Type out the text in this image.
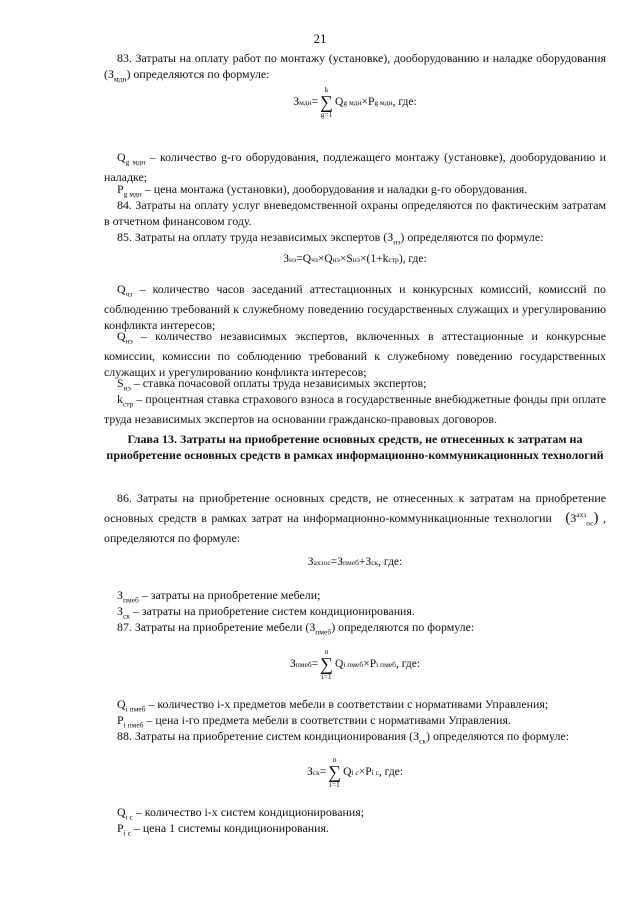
21

83. Затраты на оплату работ по монтажу (установке), дооборудованию и наладке оборудования $(З_{мдн})$ определяются по формуле:

З мдн =
k
∑
g=1
Q g мдн × P g мдн , где:

$Q_{g мдн}$ – количество g-го оборудования, подлежащего монтажу (установке), дооборудованию и наладке;

$P_{g мдн}$ – цена монтажа (установки), дооборудования и наладки g-го оборудования.

84. Затраты на оплату услуг вневедомственной охраны определяются по фактическим затратам в отчетном финансовом году.

85. Затраты на оплату труда независимых экспертов $(З_{нэ})$ определяются по формуле:

З нэ = Q чз × Q нэ × S нэ × (1+k стр ) , где:

$Q_{чз}$ – количество часов заседаний аттестационных и конкурсных комиссий, комиссий по соблюдению требований к служебному поведению государственных служащих и урегулированию конфликта интересов;

$Q_{нэ}$ – количество независимых экспертов, включенных в аттестационные и конкурсные комиссии, комиссии по соблюдению требований к служебному поведению государственных служащих и урегулированию конфликта интересов;

$S_{нэ}$ – ставка почасовой оплаты труда независимых экспертов;

$k_{стр}$ – процентная ставка страхового взноса в государственные внебюджетные фонды при оплате труда независимых экспертов на основании гражданско-правовых договоров.

Глава 13. Затраты на приобретение основных средств, не отнесенных к затратам на приобретение основных средств в рамках информационно-коммуникационных технологий

86. Затраты на приобретение основных средств, не отнесенных к затратам на приобретение основных средств в рамках затрат на информационно-коммуникационные технологии $(З^{ахз}_{ос})$ , определяются по формуле:

З ахз ос = З пмеб + З ск , где:

$З_{пмеб}$ – затраты на приобретение мебели;

$З_{ск}$ – затраты на приобретение систем кондиционирования.

87. Затраты на приобретение мебели $(З_{пмеб})$ определяются по формуле:

З пмеб =
n
∑
i=1
Q i пмеб × P i пмеб , где:

$Q_{i пмеб}$ – количество i-х предметов мебели в соответствии с нормативами Управления;

$P_{i пмеб}$ – цена i-го предмета мебели в соответствии с нормативами Управления.

88. Затраты на приобретение систем кондиционирования $(З_{ск})$ определяются по формуле:

З ск =
n
∑
i=1
Q i c × P i c , где:

$Q_{i c}$ – количество i-х систем кондиционирования;

$P_{i c}$ – цена 1 системы кондиционирования.
